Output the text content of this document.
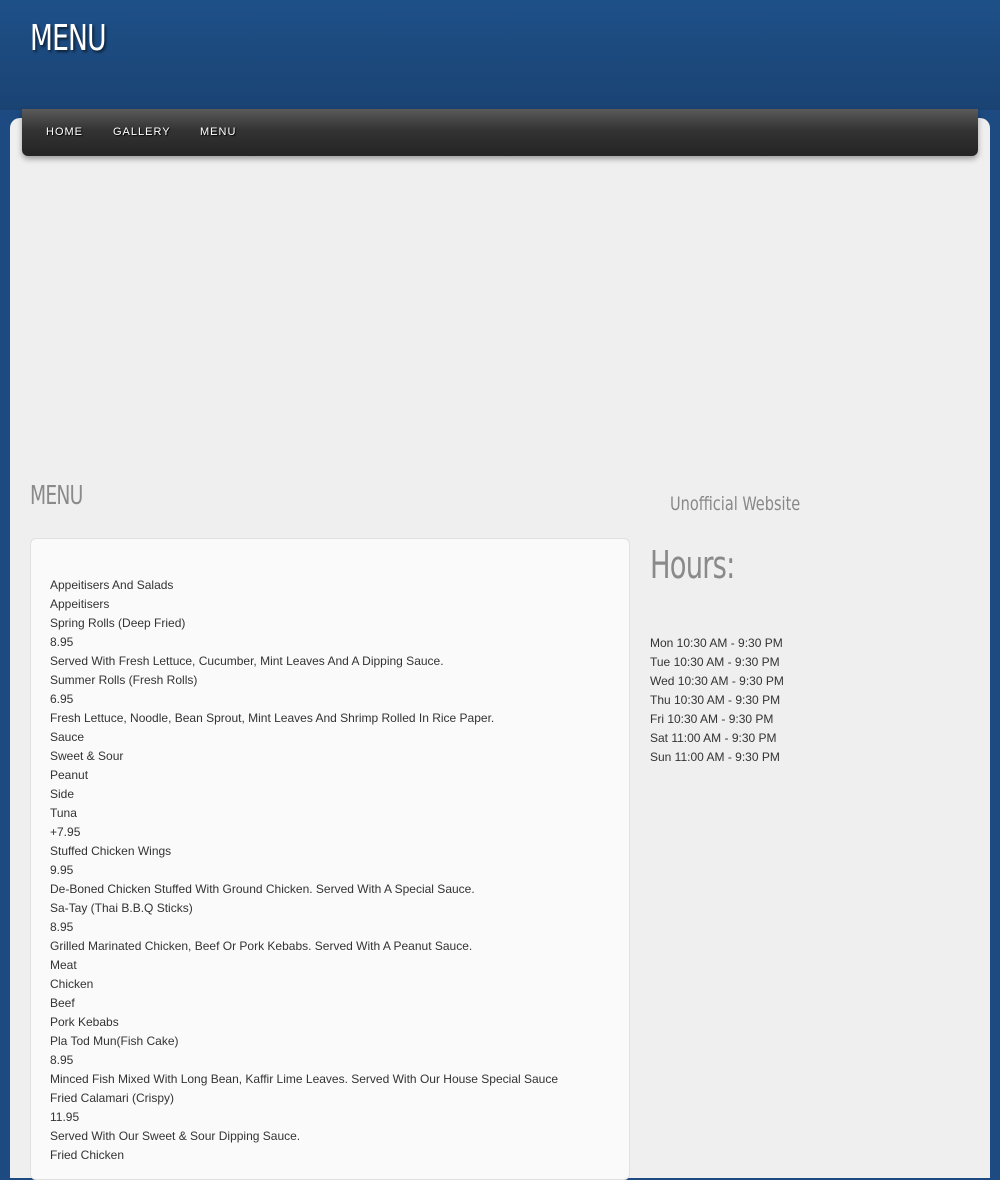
MENU
HOME	GALLERY	MENU
MENU
Appeitisers And Salads
Appeitisers
Spring Rolls (Deep Fried)
8.95
Served With Fresh Lettuce, Cucumber, Mint Leaves And A Dipping Sauce.
Summer Rolls (Fresh Rolls)
6.95
Fresh Lettuce, Noodle, Bean Sprout, Mint Leaves And Shrimp Rolled In Rice Paper.
Sauce
Sweet & Sour
Peanut
Side
Tuna
+7.95
Stuffed Chicken Wings
9.95
De-Boned Chicken Stuffed With Ground Chicken. Served With A Special Sauce.
Sa-Tay (Thai B.B.Q Sticks)
8.95
Grilled Marinated Chicken, Beef Or Pork Kebabs. Served With A Peanut Sauce.
Meat
Chicken
Beef
Pork Kebabs
Pla Tod Mun(Fish Cake)
8.95
Minced Fish Mixed With Long Bean, Kaffir Lime Leaves. Served With Our House Special Sauce
Fried Calamari (Crispy)
11.95
Served With Our Sweet & Sour Dipping Sauce.
Fried Chicken
Unofficial Website
Hours:
Mon 10:30 AM - 9:30 PM
Tue 10:30 AM - 9:30 PM
Wed 10:30 AM - 9:30 PM
Thu 10:30 AM - 9:30 PM
Fri 10:30 AM - 9:30 PM
Sat 11:00 AM - 9:30 PM
Sun 11:00 AM - 9:30 PM
